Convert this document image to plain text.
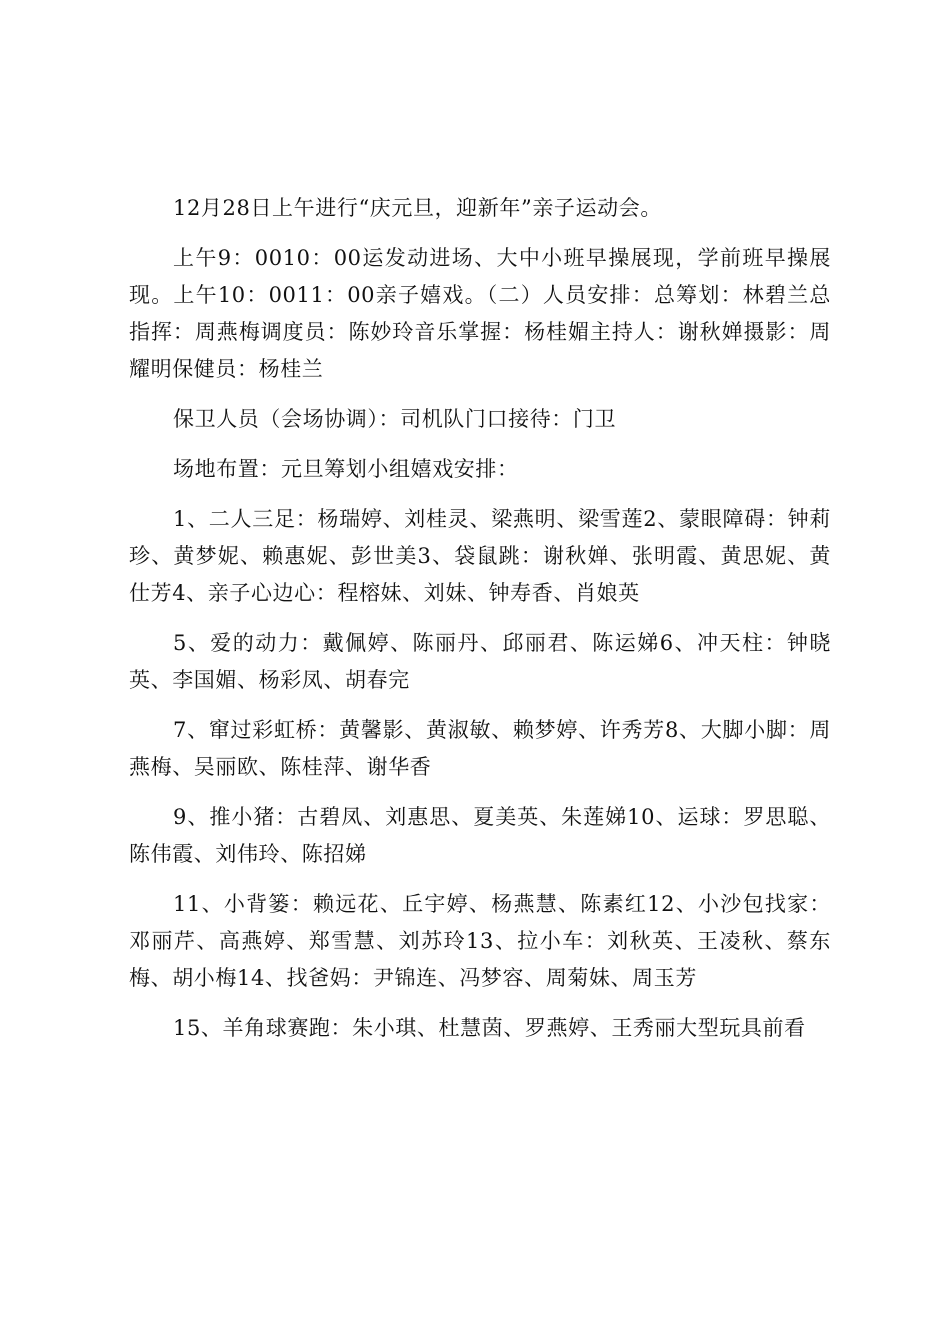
12月28日上午进行“庆元旦，迎新年”亲子运动会。

上午9：0010：00运发动进场、大中小班早操展现，学前班早操展现。上午10：0011：00亲子嬉戏。（二）人员安排：总筹划：林碧兰总指挥：周燕梅调度员：陈妙玲音乐掌握：杨桂媚主持人：谢秋婵摄影：周耀明保健员：杨桂兰

保卫人员（会场协调）：司机队门口接待：门卫

场地布置：元旦筹划小组嬉戏安排：

1、二人三足：杨瑞婷、刘桂灵、梁燕明、梁雪莲2、蒙眼障碍：钟莉珍、黄梦妮、赖惠妮、彭世美3、袋鼠跳：谢秋婵、张明霞、黄思妮、黄仕芳4、亲子心边心：程榕妹、刘妹、钟寿香、肖娘英

5、爱的动力：戴佩婷、陈丽丹、邱丽君、陈运娣6、冲天柱：钟晓英、李国媚、杨彩凤、胡春完

7、窜过彩虹桥：黄馨影、黄淑敏、赖梦婷、许秀芳8、大脚小脚：周燕梅、吴丽欧、陈桂萍、谢华香

9、推小猪：古碧凤、刘惠思、夏美英、朱莲娣10、运球：罗思聪、陈伟霞、刘伟玲、陈招娣

11、小背篓：赖远花、丘宇婷、杨燕慧、陈素红12、小沙包找家：邓丽芹、高燕婷、郑雪慧、刘苏玲13、拉小车：刘秋英、王凌秋、蔡东梅、胡小梅14、找爸妈：尹锦连、冯梦容、周菊妹、周玉芳

15、羊角球赛跑：朱小琪、杜慧茵、罗燕婷、王秀丽大型玩具前看
